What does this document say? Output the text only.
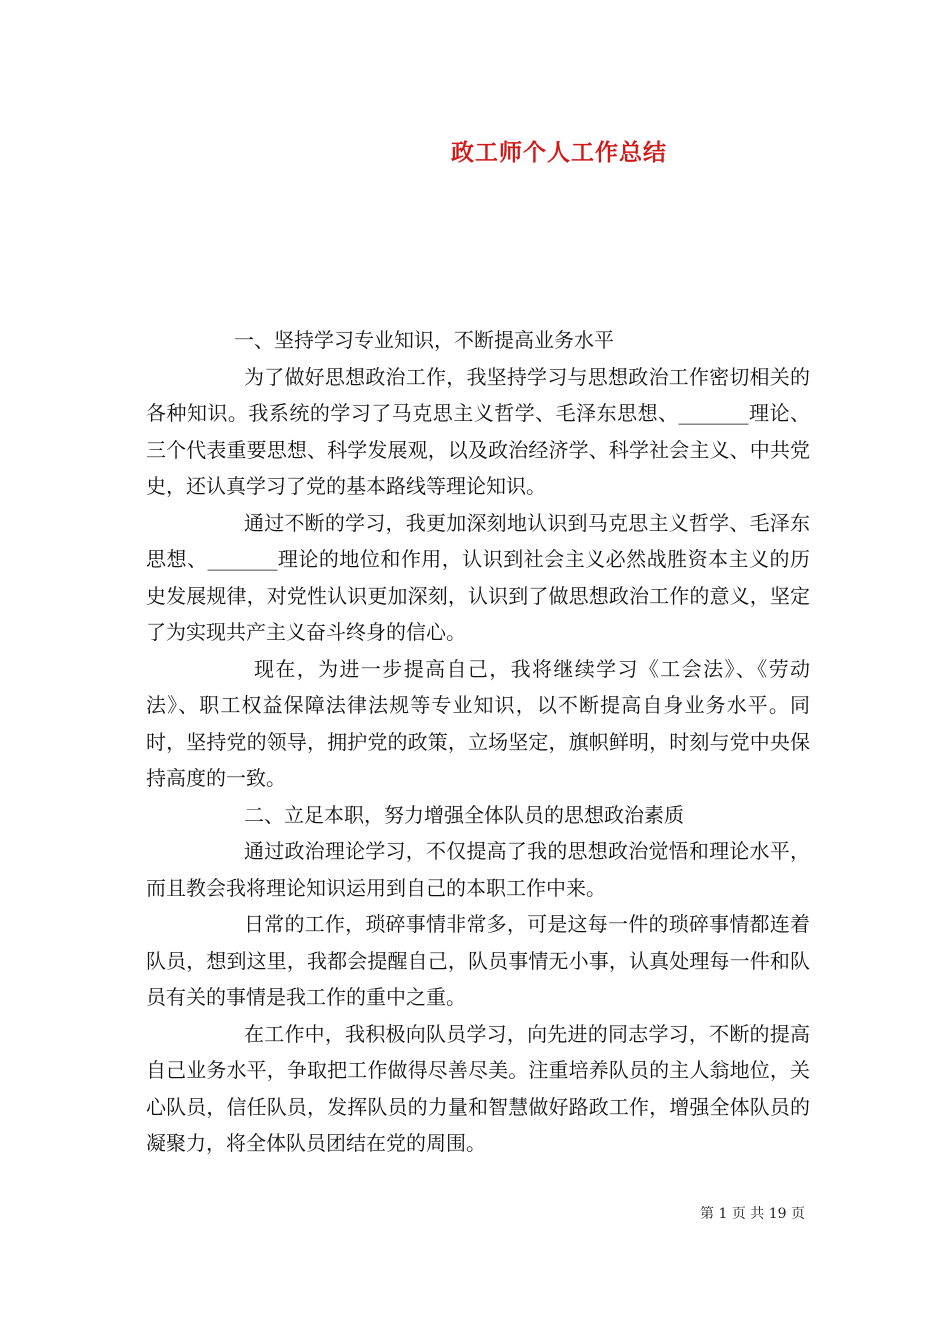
政工师个人工作总结

一、坚持学习专业知识，不断提高业务水平

为了做好思想政治工作，我坚持学习与思想政治工作密切相关的各种知识。我系统的学习了马克思主义哲学、毛泽东思想、_______理论、三个代表重要思想、科学发展观，以及政治经济学、科学社会主义、中共党史，还认真学习了党的基本路线等理论知识。

通过不断的学习，我更加深刻地认识到马克思主义哲学、毛泽东思想、_______理论的地位和作用，认识到社会主义必然战胜资本主义的历史发展规律，对党性认识更加深刻，认识到了做思想政治工作的意义，坚定了为实现共产主义奋斗终身的信心。

现在，为进一步提高自己，我将继续学习《工会法》、《劳动法》、职工权益保障法律法规等专业知识，以不断提高自身业务水平。同时，坚持党的领导，拥护党的政策，立场坚定，旗帜鲜明，时刻与党中央保持高度的一致。

二、立足本职，努力增强全体队员的思想政治素质

通过政治理论学习，不仅提高了我的思想政治觉悟和理论水平，而且教会我将理论知识运用到自己的本职工作中来。

日常的工作，琐碎事情非常多，可是这每一件的琐碎事情都连着队员，想到这里，我都会提醒自己，队员事情无小事，认真处理每一件和队员有关的事情是我工作的重中之重。

在工作中，我积极向队员学习，向先进的同志学习，不断的提高自己业务水平，争取把工作做得尽善尽美。注重培养队员的主人翁地位，关心队员，信任队员，发挥队员的力量和智慧做好路政工作，增强全体队员的凝聚力，将全体队员团结在党的周围。

第 1 页 共 19 页
